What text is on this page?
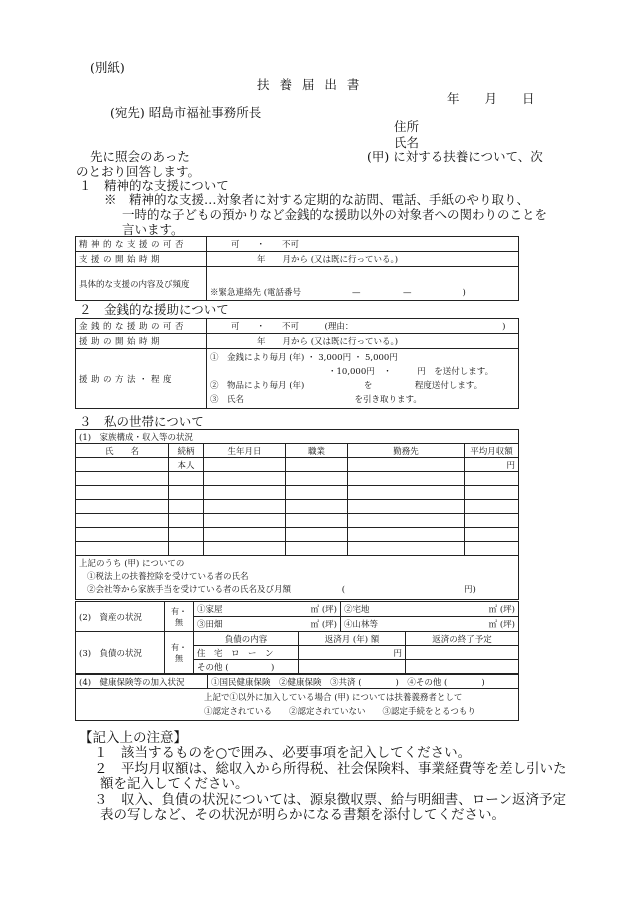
(別紙)
扶 養 届 出 書
年　　月　　日
(宛先) 昭島市福祉事務所長
住所
氏名
先に照会のあった	(甲) に対する扶養について、次
のとおり回答します。
１　精神的な支援について
※　精神的な支援…対象者に対する定期的な訪問、電話、手紙のやり取り、
一時的な子どもの預かりなど金銭的な援助以外の対象者への関わりのことを
言います。
精神的な支援の可否	可　　・　　不可
支援の開始時期	年　　月から (又は既に行っている。)
具体的な支援の内容及び頻度	※緊急連絡先 (電話番号　　　　　　—　　　　　—　　　　　　)
２　金銭的な援助について
金銭的な援助の可否	可　　・　　不可　　　(理由：　　　　　　　　　　　　　　　　　　)
援助の開始時期	年　　月から (又は既に行っている。)
援助の方法・程度	①　金銭により毎月 (年) ・ 3,000円 ・ 5,000円
・10,000円　・　　　円　を送付します。
②　物品により毎月 (年)　　　　　　　を　　　　　程度送付します。
③　氏名　　　　　　　　　　　　　を引き取ります。
３　私の世帯について
(1)　家族構成・収入等の状況					
氏　　名	続柄	生年月日	職業	勤務先	平均月収額
	本人				円

上記のうち (甲) についての
①税法上の扶養控除を受けている者の氏名
②会社等から家族手当を受けている者の氏名及び月額 (　　　　　　　　　　　　　　円)					
(2)　資産の状況	有・無	①家屋 ㎡ (坪)	②宅地 ㎡ (坪)

		③田畑 ㎡ (坪)	④山林等 ㎡ (坪)
(3)　負債の状況	有・無	負債の内容	返済月 (年) 額	返済の終了予定
		住　宅　ロ　ー　ン	円	
		その他 (　　　　　)		
(4)　健康保険等の加入状況	①国民健康保険　②健康保険　③共済 (　　　　)　④その他 (　　　　)

上記で①以外に加入している場合 (甲) については扶養義務者として
①認定されている　　②認定されていない　　③認定手続をとるつもり
【記入上の注意】
１　該当するものを○で囲み、必要事項を記入してください。
２　平均月収額は、総収入から所得税、社会保険料、事業経費等を差し引いた
額を記入してください。
３　収入、負債の状況については、源泉徴収票、給与明細書、ローン返済予定
表の写しなど、その状況が明らかになる書類を添付してください。
